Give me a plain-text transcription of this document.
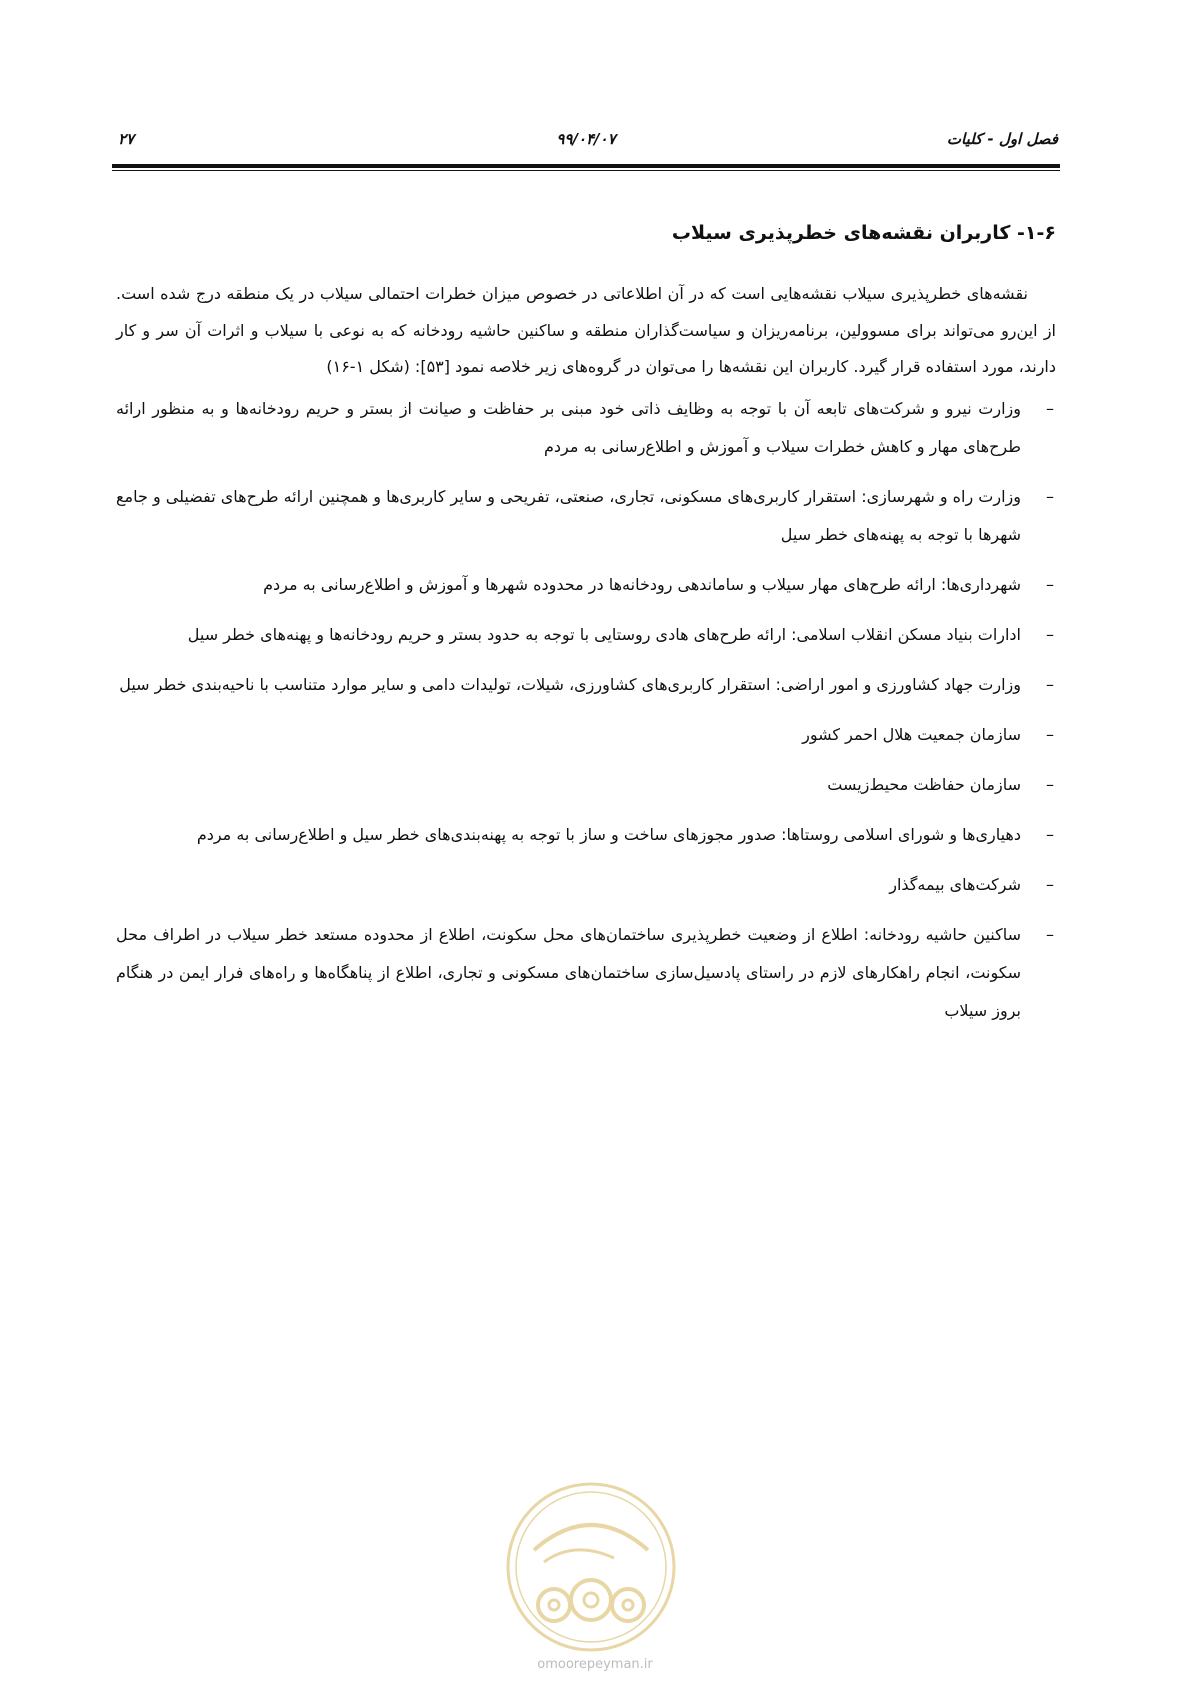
۲۷	۹۹/۰۴/۰۷	فصل اول - کلیات
۱-۶- کاربران نقشه‌های خطرپذیری سیلاب

نقشه‌های خطرپذیری سیلاب نقشه‌هایی است که در آن اطلاعاتی در خصوص میزان خطرات احتمالی سیلاب در یک منطقه درج شده است. از این‌رو می‌تواند برای مسوولین، برنامه‌ریزان و سیاست‌گذاران منطقه و ساکنین حاشیه رودخانه که به نوعی با سیلاب و اثرات آن سر و کار دارند، مورد استفاده قرار گیرد. کاربران این نقشه‌ها را می‌توان در گروه‌های زیر خلاصه نمود [۵۳]: (شکل ۱-۱۶)

–
وزارت نیرو و شرکت‌های تابعه آن با توجه به وظایف ذاتی خود مبنی بر حفاظت و صیانت از بستر و حریم رودخانه‌ها و به منظور ارائه طرح‌های مهار و کاهش خطرات سیلاب و آموزش و اطلاع‌رسانی به مردم
–
وزارت راه و شهرسازی: استقرار کاربری‌های مسکونی، تجاری، صنعتی، تفریحی و سایر کاربری‌ها و همچنین ارائه طرح‌های تفضیلی و جامع شهرها با توجه به پهنه‌های خطر سیل
–
شهرداری‌ها: ارائه طرح‌های مهار سیلاب و ساماندهی رودخانه‌ها در محدوده شهرها و آموزش و اطلاع‌رسانی به مردم
–
ادارات بنیاد مسکن انقلاب اسلامی: ارائه طرح‌های هادی روستایی با توجه به حدود بستر و حریم رودخانه‌ها و پهنه‌های خطر سیل
–
وزارت جهاد کشاورزی و امور اراضی: استقرار کاربری‌های کشاورزی، شیلات، تولیدات دامی و سایر موارد متناسب با ناحیه‌بندی خطر سیل
–
سازمان جمعیت هلال احمر کشور
–
سازمان حفاظت محیط‌زیست
–
دهیاری‌ها و شورای اسلامی روستاها: صدور مجوزهای ساخت و ساز با توجه به پهنه‌بندی‌های خطر سیل و اطلاع‌رسانی به مردم
–
شرکت‌های بیمه‌گذار
–
ساکنین حاشیه رودخانه: اطلاع از وضعیت خطرپذیری ساختمان‌های محل سکونت، اطلاع از محدوده مستعد خطر سیلاب در اطراف محل سکونت، انجام راهکارهای لازم در راستای پادسیل‌سازی ساختمان‌های مسکونی و تجاری، اطلاع از پناهگاه‌ها و راه‌های فرار ایمن در هنگام بروز سیلاب
omoorepeyman.ir
